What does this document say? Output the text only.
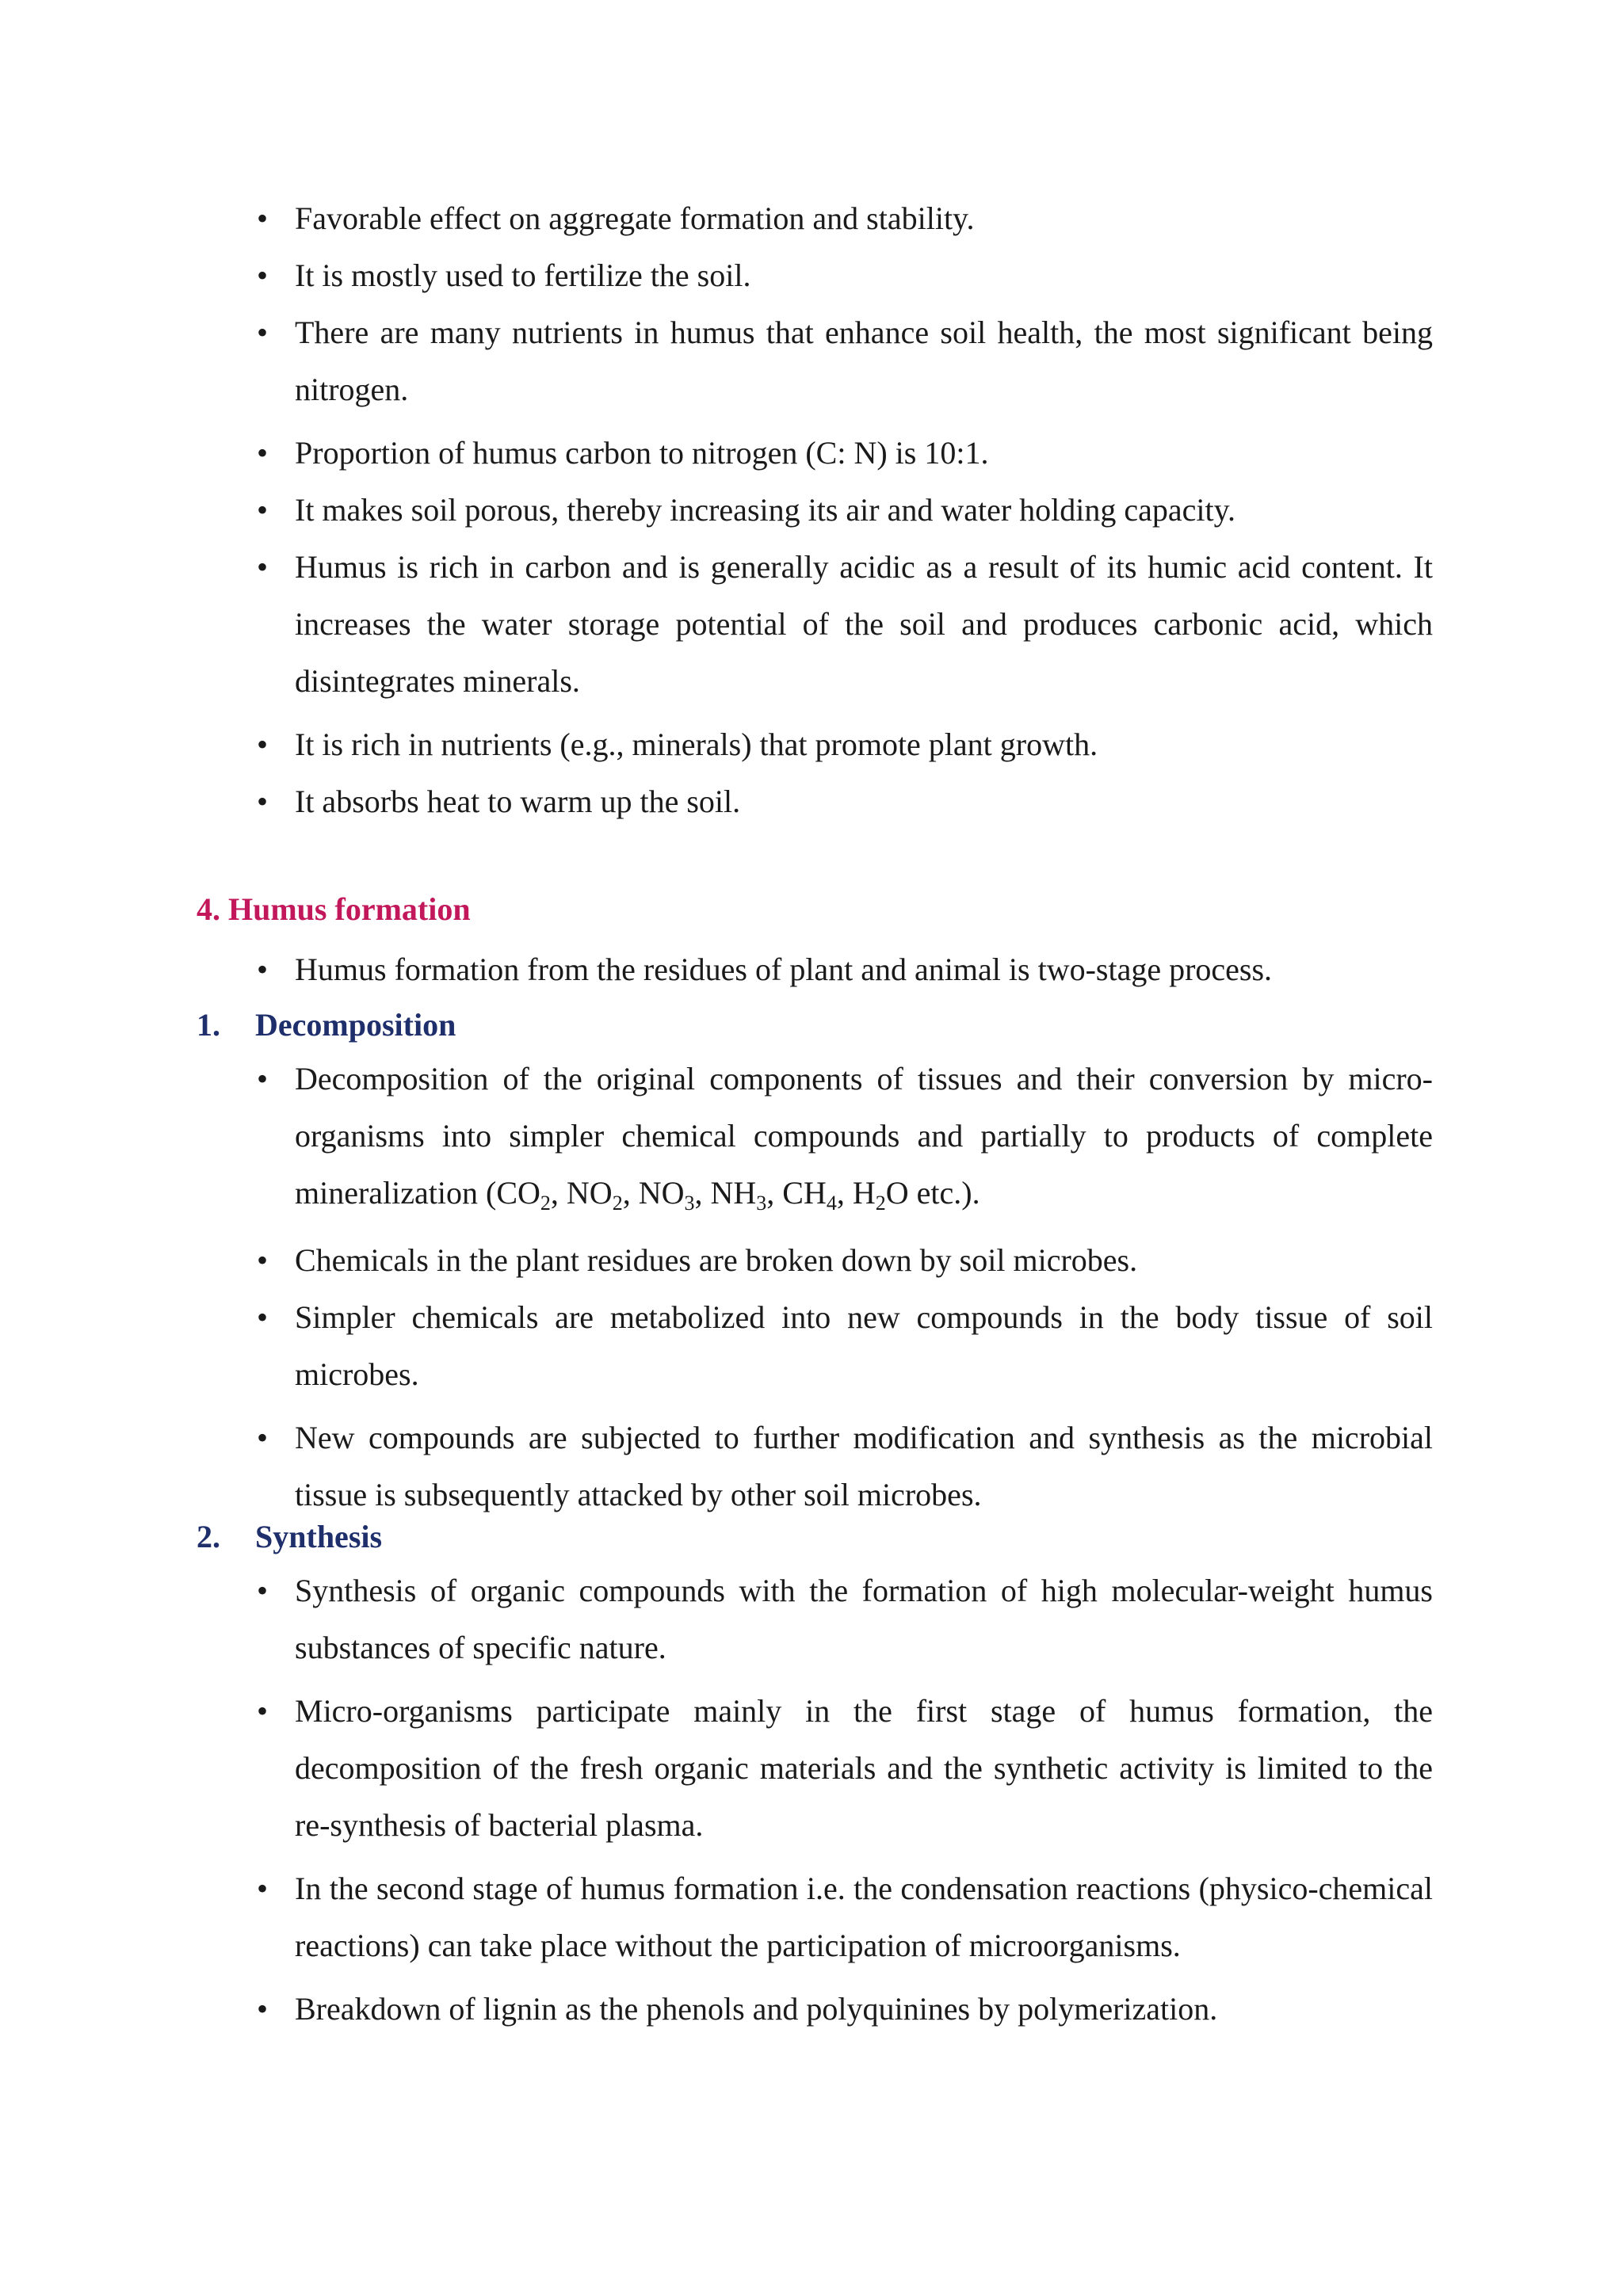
•

Favorable effect on aggregate formation and stability.

•

It is mostly used to fertilize the soil.

•

There are many nutrients in humus that enhance soil health, the most significant being nitrogen.

•

Proportion of humus carbon to nitrogen (C: N) is 10:1.

•

It makes soil porous, thereby increasing its air and water holding capacity.

•

Humus is rich in carbon and is generally acidic as a result of its humic acid content. It increases the water storage potential of the soil and produces carbonic acid, which disintegrates minerals.

•

It is rich in nutrients (e.g., minerals) that promote plant growth.

•

It absorbs heat to warm up the soil.

4. Humus formation
•

Humus formation from the residues of plant and animal is two-stage process.

1. Decomposition
•

Decomposition of the original components of tissues and their conversion by micro-organisms into simpler chemical compounds and partially to products of complete mineralization ($CO_2$, $NO_2$, $NO_3$, $NH_3$, $CH_4$, $H_2O$ etc.).

•

Chemicals in the plant residues are broken down by soil microbes.

•

Simpler chemicals are metabolized into new compounds in the body tissue of soil microbes.

•

New compounds are subjected to further modification and synthesis as the microbial tissue is subsequently attacked by other soil microbes.

2. Synthesis
•

Synthesis of organic compounds with the formation of high molecular-weight humus substances of specific nature.

•

Micro-organisms participate mainly in the first stage of humus formation, the decomposition of the fresh organic materials and the synthetic activity is limited to the re-synthesis of bacterial plasma.

•

In the second stage of humus formation i.e. the condensation reactions (physico-chemical reactions) can take place without the participation of microorganisms.

•

Breakdown of lignin as the phenols and polyquinines by polymerization.
